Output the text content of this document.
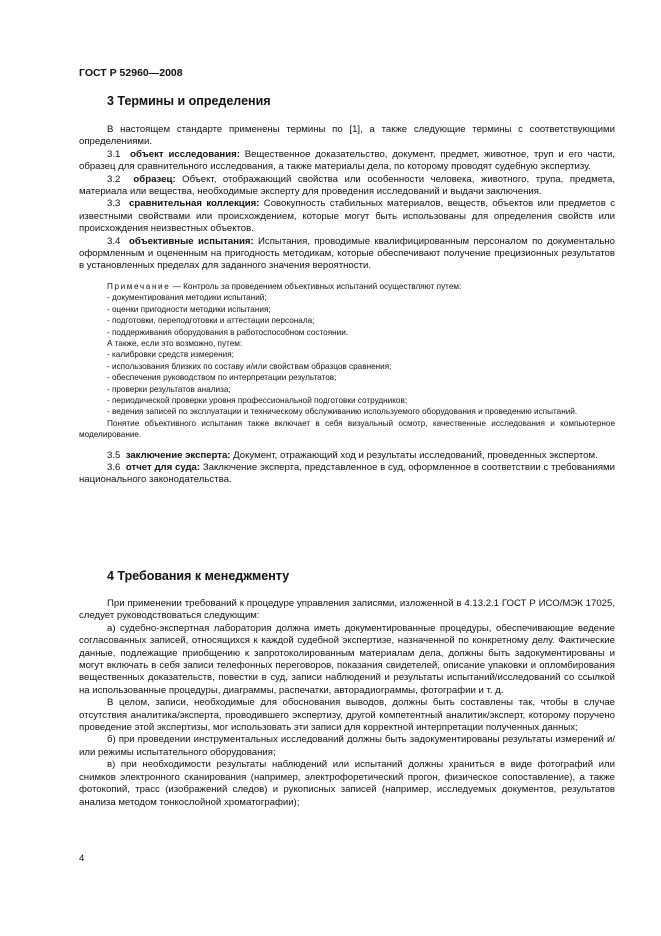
ГОСТ Р 52960—2008
3 Термины и определения

В настоящем стандарте применены термины по [1], а также следующие термины с соответствующими определениями.

3.1 объект исследования: Вещественное доказательство, документ, предмет, животное, труп и его части, образец для сравнительного исследования, а также материалы дела, по которому проводят судебную экспертизу.

3.2 образец: Объект, отображающий свойства или особенности человека, животного, трупа, предмета, материала или вещества, необходимые эксперту для проведения исследований и выдачи заключения.

3.3 сравнительная коллекция: Совокупность стабильных материалов, веществ, объектов или предметов с известными свойствами или происхождением, которые могут быть использованы для определения свойств или происхождения неизвестных объектов.

3.4 объективные испытания: Испытания, проводимые квалифицированным персоналом по документально оформленным и оцененным на пригодность методикам, которые обеспечивают получение прецизионных результатов в установленных пределах для заданного значения вероятности.

Примечание — Контроль за проведением объективных испытаний осуществляют путем:

- документирования методики испытаний;

- оценки пригодности методики испытания;

- подготовки, переподготовки и аттестации персонала;

- поддерживания оборудования в работоспособном состоянии.

А также, если это возможно, путем:

- калибровки средств измерения;

- использования близких по составу и/или свойствам образцов сравнения;

- обеспечения руководством по интерпретации результатов;

- проверки результатов анализа;

- периодической проверки уровня профессиональной подготовки сотрудников;

- ведения записей по эксплуатации и техническому обслуживанию используемого оборудования и проведению испытаний.

Понятие объективного испытания также включает в себя визуальный осмотр, качественные исследования и компьютерное моделирование.

3.5 заключение эксперта: Документ, отражающий ход и результаты исследований, проведенных экспертом.

3.6 отчет для суда: Заключение эксперта, представленное в суд, оформленное в соответствии с требованиями национального законодательства.

4 Требования к менеджменту

При применении требований к процедуре управления записями, изложенной в 4.13.2.1 ГОСТ Р ИСО/МЭК 17025, следует руководствоваться следующим:

а) судебно-экспертная лаборатория должна иметь документированные процедуры, обеспечивающие ведение согласованных записей, относящихся к каждой судебной экспертизе, назначенной по конкретному делу. Фактические данные, подлежащие приобщению к запротоколированным материалам дела, должны быть задокументированы и могут включать в себя записи телефонных переговоров, показания свидетелей, описание упаковки и опломбирования вещественных доказательств, повестки в суд, записи наблюдений и результаты испытаний/исследований со ссылкой на использованные процедуры, диаграммы, распечатки, авторадиограммы, фотографии и т. д.

В целом, записи, необходимые для обоснования выводов, должны быть составлены так, чтобы в случае отсутствия аналитика/эксперта, проводившего экспертизу, другой компетентный аналитик/эксперт, которому поручено проведение этой экспертизы, мог использовать эти записи для корректной интерпретации полученных данных;

б) при проведении инструментальных исследований должны быть задокументированы результаты измерений и/или режимы испытательного оборудования;

в) при необходимости результаты наблюдений или испытаний должны храниться в виде фотографий или снимков электронного сканирования (например, электрофоретический прогон, физическое сопоставление), а также фотокопий, трасс (изображений следов) и рукописных записей (например, исследуемых документов, результатов анализа методом тонкослойной хроматографии);

4
